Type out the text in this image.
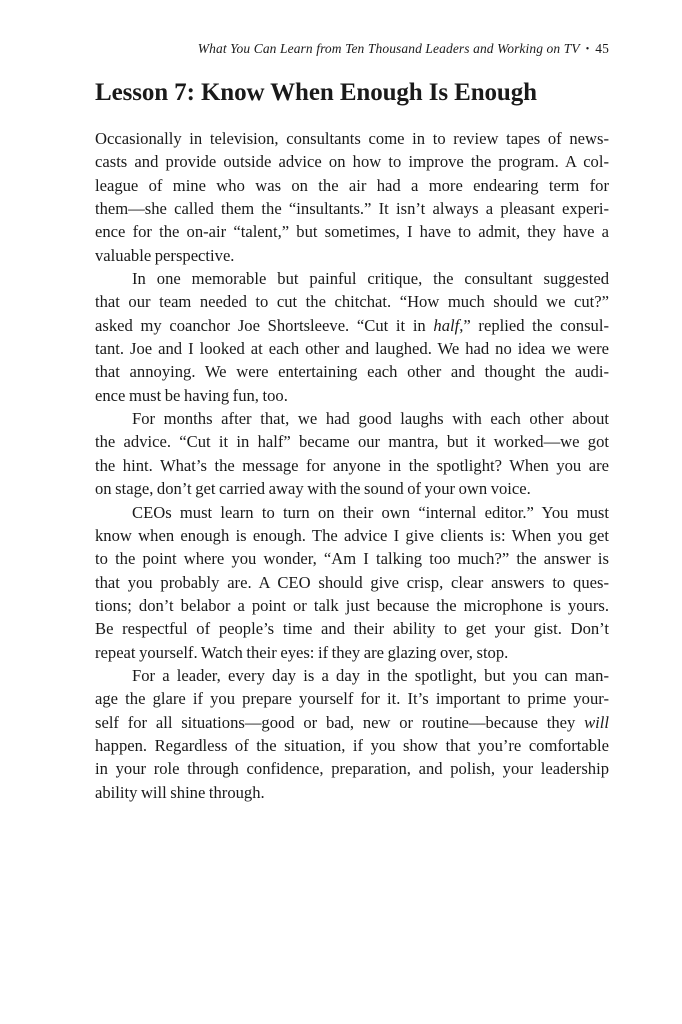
What You Can Learn from Ten Thousand Leaders and Working on TV • 45
Lesson 7: Know When Enough Is Enough
Occasionally in television, consultants come in to review tapes of news-
casts and provide outside advice on how to improve the program. A col-
league of mine who was on the air had a more endearing term for
them—she called them the “insultants.” It isn’t always a pleasant experi-
ence for the on-air “talent,” but sometimes, I have to admit, they have a
valuable perspective.
In one memorable but painful critique, the consultant suggested
that our team needed to cut the chitchat. “How much should we cut?”
asked my coanchor Joe Shortsleeve. “Cut it in half,” replied the consul-
tant. Joe and I looked at each other and laughed. We had no idea we were
that annoying. We were entertaining each other and thought the audi-
ence must be having fun, too.
For months after that, we had good laughs with each other about
the advice. “Cut it in half” became our mantra, but it worked—we got
the hint. What’s the message for anyone in the spotlight? When you are
on stage, don’t get carried away with the sound of your own voice.
CEOs must learn to turn on their own “internal editor.” You must
know when enough is enough. The advice I give clients is: When you get
to the point where you wonder, “Am I talking too much?” the answer is
that you probably are. A CEO should give crisp, clear answers to ques-
tions; don’t belabor a point or talk just because the microphone is yours.
Be respectful of people’s time and their ability to get your gist. Don’t
repeat yourself. Watch their eyes: if they are glazing over, stop.
For a leader, every day is a day in the spotlight, but you can man-
age the glare if you prepare yourself for it. It’s important to prime your-
self for all situations—good or bad, new or routine—because they will
happen. Regardless of the situation, if you show that you’re comfortable
in your role through confidence, preparation, and polish, your leadership
ability will shine through.
